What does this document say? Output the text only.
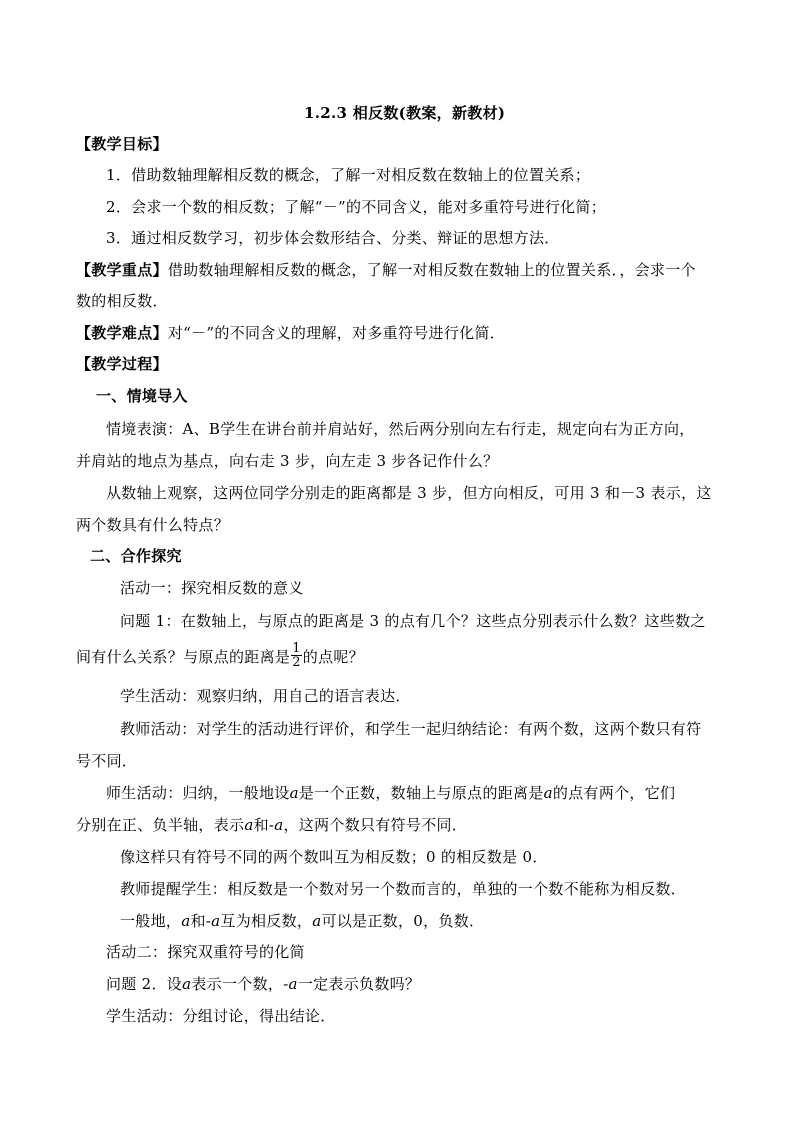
1.2.3 相反数(教案，新教材)
【教学目标】
1．借助数轴理解相反数的概念，了解一对相反数在数轴上的位置关系；
2．会求一个数的相反数；了解“－”的不同含义，能对多重符号进行化简；
3．通过相反数学习，初步体会数形结合、分类、辩证的思想方法．
【教学重点】借助数轴理解相反数的概念，了解一对相反数在数轴上的位置关系．，会求一个
数的相反数．
【教学难点】对“－”的不同含义的理解，对多重符号进行化简．
【教学过程】
一、情境导入
情境表演：A、B学生在讲台前并肩站好，然后两分别向左右行走，规定向右为正方向，
并肩站的地点为基点，向右走 3 步，向左走 3 步各记作什么？
从数轴上观察，这两位同学分别走的距离都是 3 步，但方向相反，可用 3 和－3 表示，这
两个数具有什么特点？
二、合作探究
活动一：探究相反数的意义
问题 1：在数轴上，与原点的距离是 3 的点有几个？这些点分别表示什么数？这些数之
间有什么关系？与原点的距离是 $\frac{1}{2}$ 的点呢？
学生活动：观察归纳，用自己的语言表达．
教师活动：对学生的活动进行评价，和学生一起归纳结论：有两个数，这两个数只有符
号不同．
师生活动：归纳，一般地设a是一个正数，数轴上与原点的距离是a的点有两个，它们
分别在正、负半轴，表示a和-a，这两个数只有符号不同．
像这样只有符号不同的两个数叫互为相反数；0 的相反数是 0．
教师提醒学生：相反数是一个数对另一个数而言的，单独的一个数不能称为相反数．
一般地，a和-a互为相反数，a可以是正数，0，负数．
活动二：探究双重符号的化简
问题 2．设a表示一个数，-a一定表示负数吗？
学生活动：分组讨论，得出结论．
